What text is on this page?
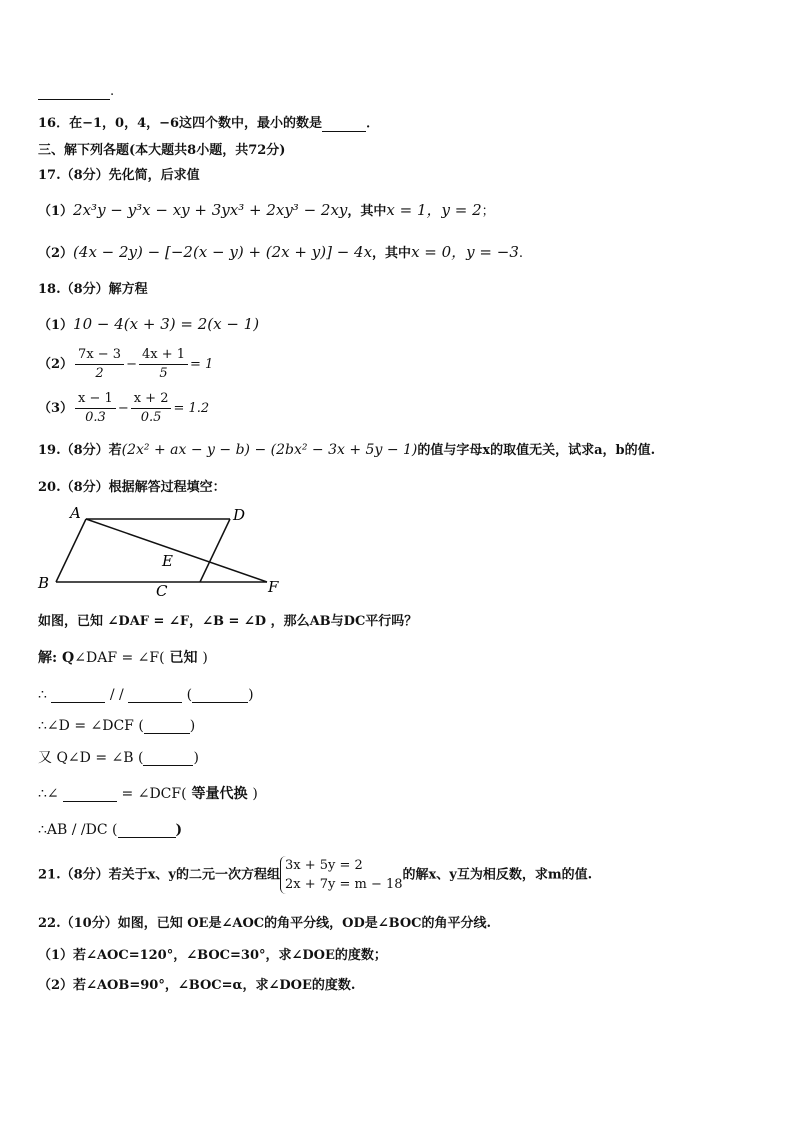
.
16．在−1，0，4，−6这四个数中，最小的数是	．
三、解下列各题(本大题共8小题，共72分)
17.（8分）先化简，后求值
（1）2x³y − y³x − xy + 3yx³ + 2xy³ − 2xy，其中x = 1，y = 2；
（2）(4x − 2y) − [−2(x − y) + (2x + y)] − 4x，其中x = 0，y = −3.
18.（8分）解方程
（1）10 − 4(x + 3) = 2(x − 1)
$(2) \frac{7x - 3}{2} - \frac{4x + 1}{5} = 1$
$(3) \frac{x - 1}{0.3} - \frac{x + 2}{0.5} = 1.2$
19.（8分）若(2x² + ax − y − b) − (2bx² − 3x + 5y − 1)的值与字母x的取值无关，试求a，b的值.
20.（8分）根据解答过程填空：
A	D
E
B	C	F
如图，已知 ∠DAF = ∠F，∠B = ∠D ，那么AB与DC平行吗？
解: Q∠DAF = ∠F( 已知 )
∴	/ /	(	)
∴∠D = ∠DCF (	)
又 Q∠D = ∠B (	)
∴∠	= ∠DCF( 等量代换 )
∴AB / /DC (	)
21.（8分）若关于x、y的二元一次方程组
3x + 5y = 2
2x + 7y = m − 18
的解x、y互为相反数，求m的值.
22.（10分）如图，已知 OE是∠AOC的角平分线，OD是∠BOC的角平分线.
（1）若∠AOC=120°，∠BOC=30°，求∠DOE的度数；
（2）若∠AOB=90°，∠BOC=α，求∠DOE的度数.
